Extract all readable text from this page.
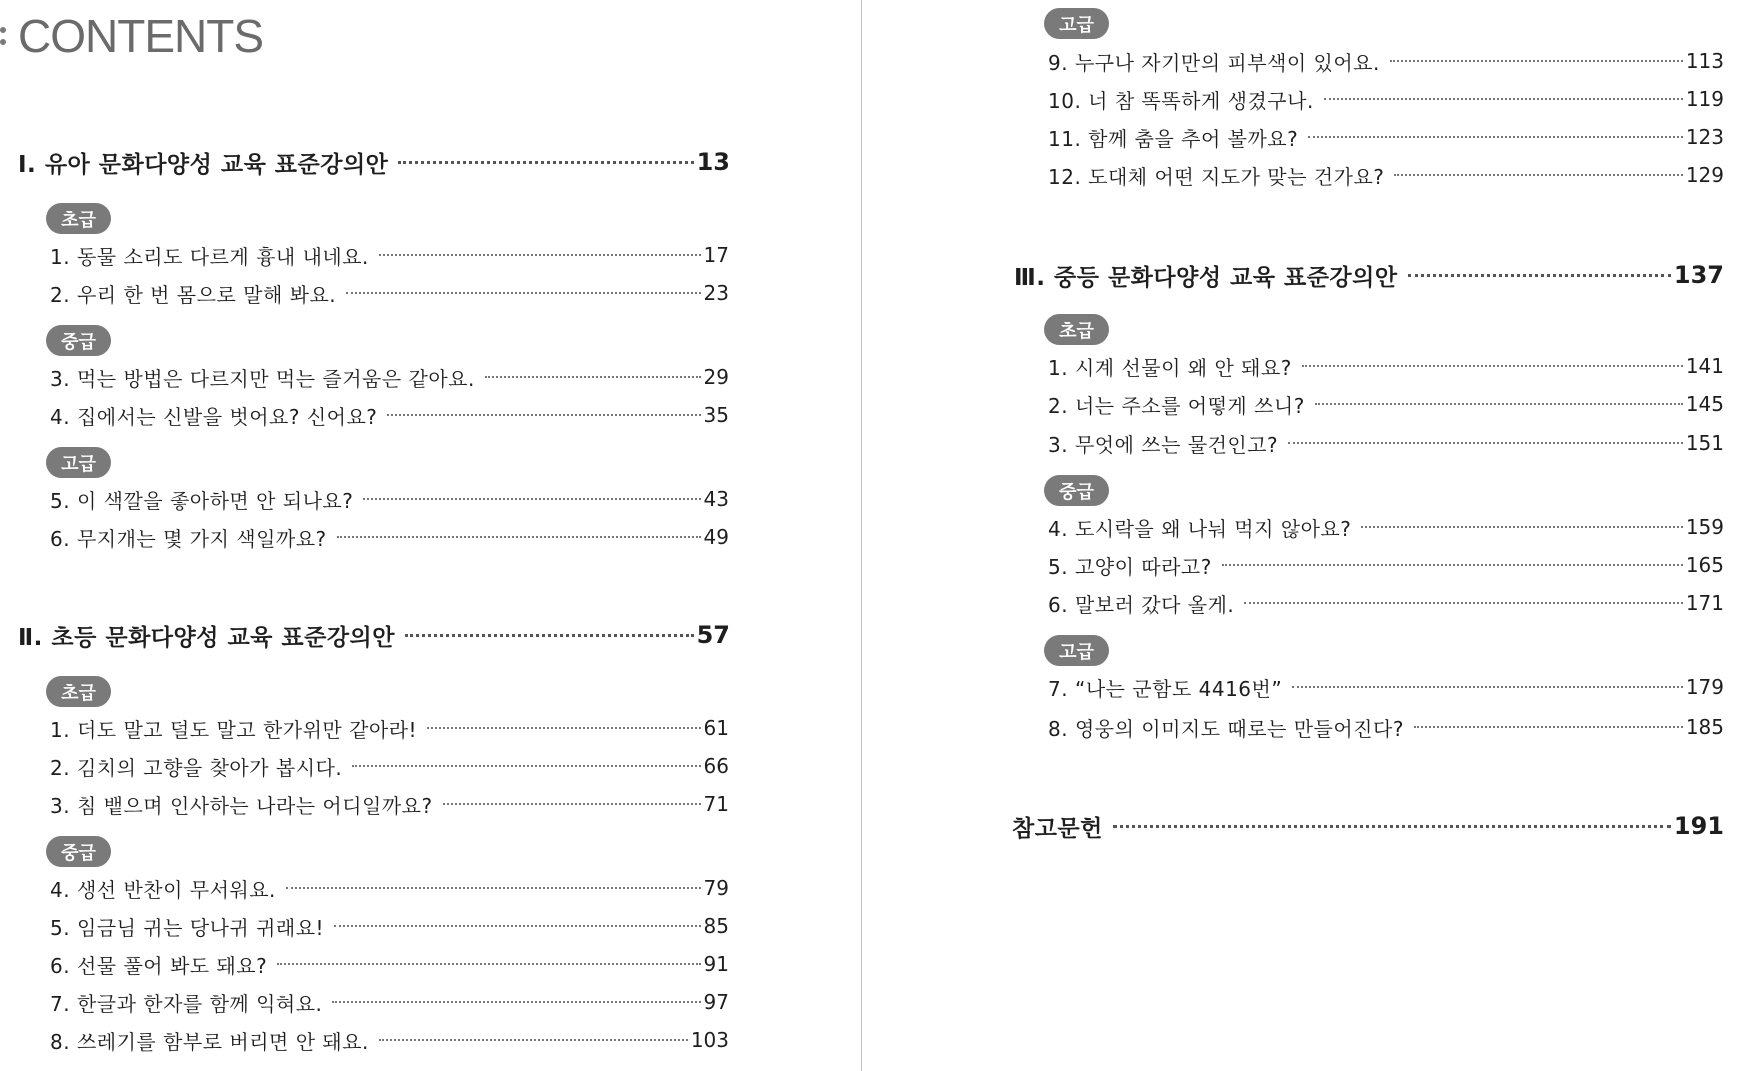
CONTENTS
Ⅰ. 유아 문화다양성 교육 표준강의안	13
초급
1. 동물 소리도 다르게 흉내 내네요.	17
2. 우리 한 번 몸으로 말해 봐요.	23
중급
3. 먹는 방법은 다르지만 먹는 즐거움은 같아요.	29
4. 집에서는 신발을 벗어요? 신어요?	35
고급
5. 이 색깔을 좋아하면 안 되나요?	43
6. 무지개는 몇 가지 색일까요?	49
Ⅱ. 초등 문화다양성 교육 표준강의안	57
초급
1. 더도 말고 덜도 말고 한가위만 같아라!	61
2. 김치의 고향을 찾아가 봅시다.	66
3. 침 뱉으며 인사하는 나라는 어디일까요?	71
중급
4. 생선 반찬이 무서워요.	79
5. 임금님 귀는 당나귀 귀래요!	85
6. 선물 풀어 봐도 돼요?	91
7. 한글과 한자를 함께 익혀요.	97
8. 쓰레기를 함부로 버리면 안 돼요.	103
고급
9. 누구나 자기만의 피부색이 있어요.	113
10. 너 참 똑똑하게 생겼구나.	119
11. 함께 춤을 추어 볼까요?	123
12. 도대체 어떤 지도가 맞는 건가요?	129
Ⅲ. 중등 문화다양성 교육 표준강의안	137
초급
1. 시계 선물이 왜 안 돼요?	141
2. 너는 주소를 어떻게 쓰니?	145
3. 무엇에 쓰는 물건인고?	151
중급
4. 도시락을 왜 나눠 먹지 않아요?	159
5. 고양이 따라고?	165
6. 말보러 갔다 올게.	171
고급
7. “나는 군함도 4416번”	179
8. 영웅의 이미지도 때로는 만들어진다?	185
참고문헌	191
